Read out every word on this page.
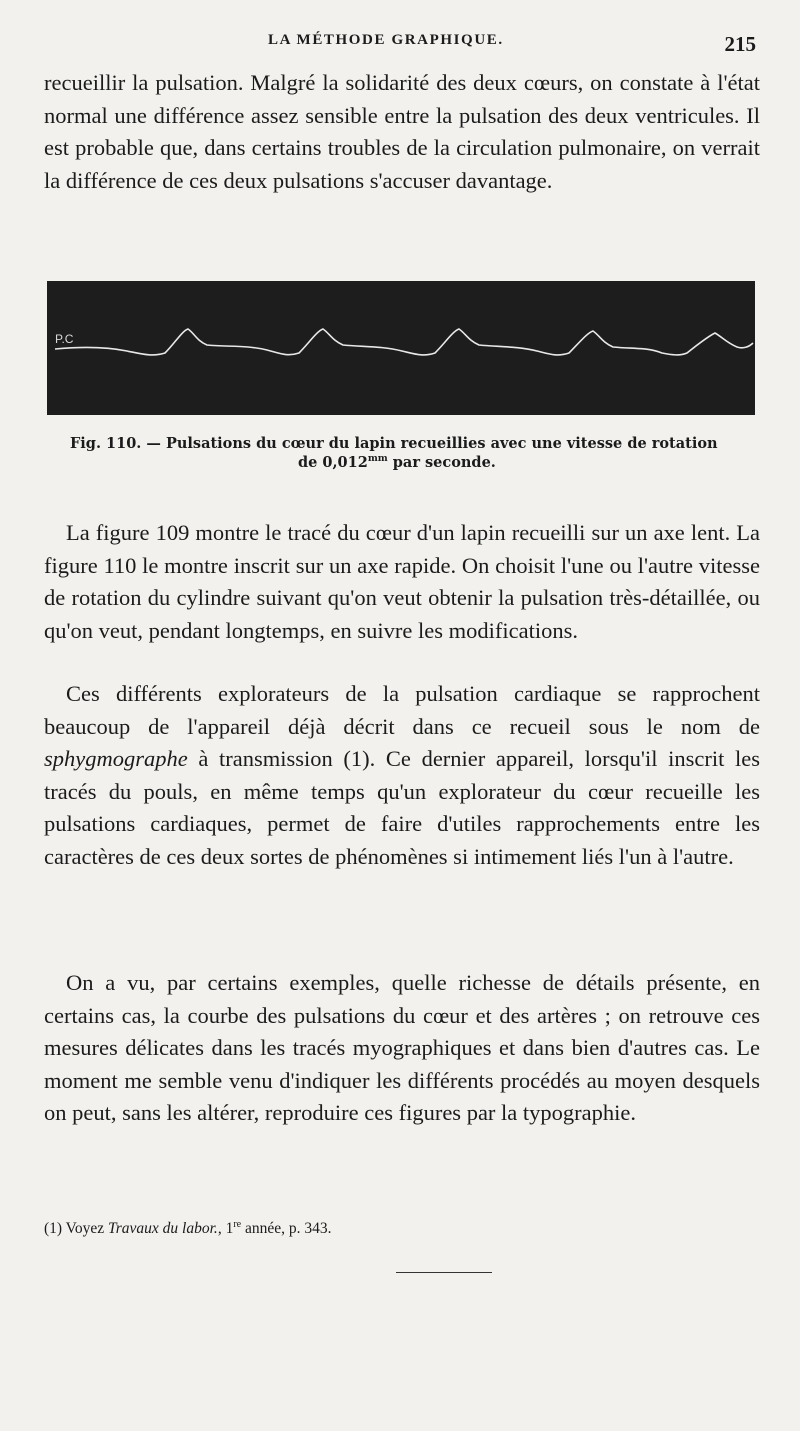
LA MÉTHODE GRAPHIQUE.	215

recueillir la pulsation. Malgré la solidarité des deux cœurs, on constate à l'état normal une différence assez sensible entre la pulsation des deux ventricules. Il est probable que, dans certains troubles de la circulation pulmonaire, on verrait la différence de ces deux pulsations s'accuser davantage.

P.C
Fig. 110. — Pulsations du cœur du lapin recueillies avec une vitesse de rotation
de $0,012^{mm}$ par seconde.

La figure 109 montre le tracé du cœur d'un lapin recueilli sur un axe lent. La figure 110 le montre inscrit sur un axe rapide. On choisit l'une ou l'autre vitesse de rotation du cylindre suivant qu'on veut obtenir la pulsation très-détaillée, ou qu'on veut, pendant longtemps, en suivre les modifications.

Ces différents explorateurs de la pulsation cardiaque se rapprochent beaucoup de l'appareil déjà décrit dans ce recueil sous le nom de sphygmographe à transmission (1). Ce dernier appareil, lorsqu'il inscrit les tracés du pouls, en même temps qu'un explorateur du cœur recueille les pulsations cardiaques, permet de faire d'utiles rapprochements entre les caractères de ces deux sortes de phénomènes si intimement liés l'un à l'autre.

On a vu, par certains exemples, quelle richesse de détails présente, en certains cas, la courbe des pulsations du cœur et des artères ; on retrouve ces mesures délicates dans les tracés myographiques et dans bien d'autres cas. Le moment me semble venu d'indiquer les différents procédés au moyen desquels on peut, sans les altérer, reproduire ces figures par la typographie.

(1) Voyez Travaux du labor., 1re année, p. 343.
